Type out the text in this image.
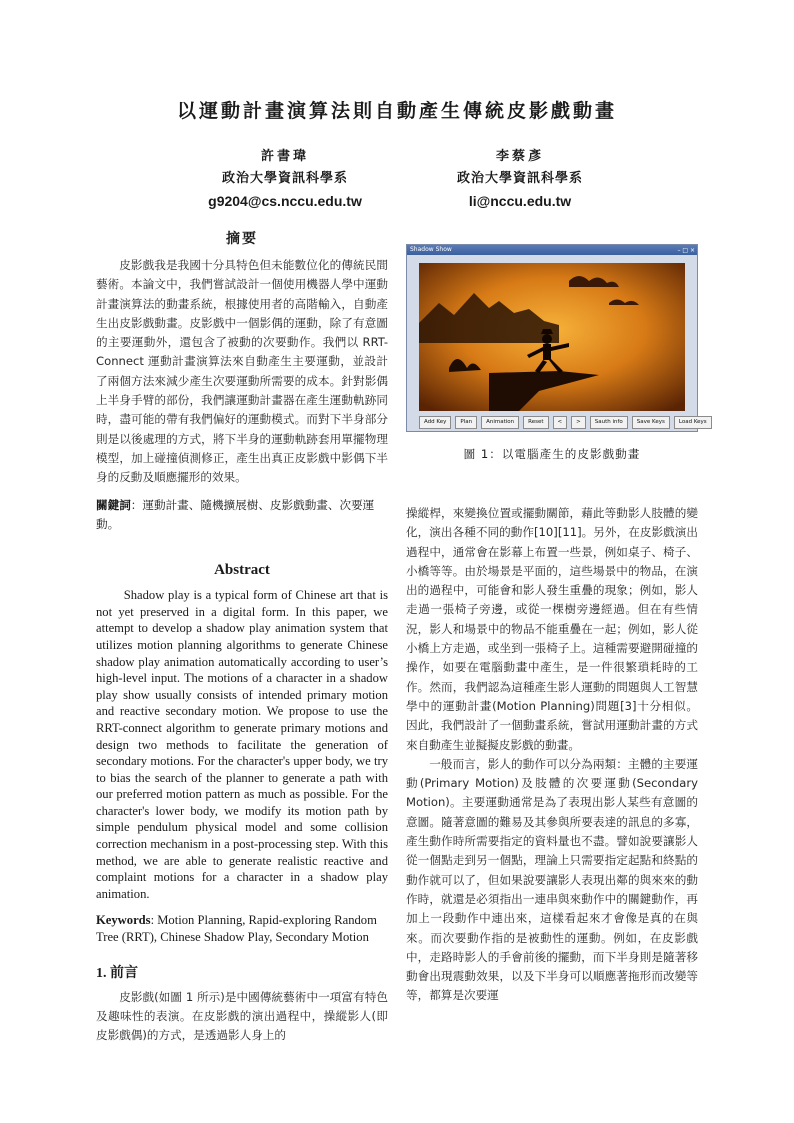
以運動計畫演算法則自動產生傳統皮影戲動畫
許書瑋
政治大學資訊科學系
g9204@cs.nccu.edu.tw
李蔡彥
政治大學資訊科學系
li@nccu.edu.tw
摘要

皮影戲我是我國十分具特色但未能數位化的傳統民間藝術。本論文中，我們嘗試設計一個使用機器人學中運動計畫演算法的動畫系統，根據使用者的高階輸入，自動產生出皮影戲動畫。皮影戲中一個影偶的運動，除了有意圖的主要運動外，還包含了被動的次要動作。我們以 RRT-Connect 運動計畫演算法來自動產生主要運動，並設計了兩個方法來減少產生次要運動所需要的成本。針對影偶上半身手臂的部份，我們讓運動計畫器在產生運動軌跡同時，盡可能的帶有我們偏好的運動模式。而對下半身部分則是以後處理的方式，將下半身的運動軌跡套用單擺物理模型，加上碰撞偵測修正，產生出真正皮影戲中影偶下半身的反動及順應擺形的效果。

關鍵詞：運動計畫、隨機擴展樹、皮影戲動畫、次要運動。

Abstract

Shadow play is a typical form of Chinese art that is not yet preserved in a digital form. In this paper, we attempt to develop a shadow play animation system that utilizes motion planning algorithms to generate Chinese shadow play animation automatically according to user’s high-level input. The motions of a character in a shadow play show usually consists of intended primary motion and reactive secondary motion. We propose to use the RRT-connect algorithm to generate primary motions and design two methods to facilitate the generation of secondary motions. For the character's upper body, we try to bias the search of the planner to generate a path with our preferred motion pattern as much as possible. For the character's lower body, we modify its motion path by simple pendulum physical model and some collision correction mechanism in a post-processing step. With this method, we are able to generate realistic reactive and complaint motions for a character in a shadow play animation.

Keywords: Motion Planning, Rapid-exploring Random Tree (RRT), Chinese Shadow Play, Secondary Motion

1. 前言

皮影戲(如圖 1 所示)是中國傳統藝術中一項富有特色及趣味性的表演。在皮影戲的演出過程中，操縱影人(即皮影戲偶)的方式，是透過影人身上的

Shadow Show	– □ ×
Add Key	Plan	Animation	Reset	<	>	Sauth info	Save Keys	Load Keys
圖 1：以電腦產生的皮影戲動畫

操縱桿，來變換位置或擺動關節，藉此等動影人肢體的變化，演出各種不同的動作[10][11]。另外，在皮影戲演出過程中，通常會在影幕上布置一些景，例如桌子、椅子、小橋等等。由於場景是平面的，這些場景中的物品，在演出的過程中，可能會和影人發生重疊的現象；例如，影人走過一張椅子旁邊，或從一棵樹旁邊經過。但在有些情況，影人和場景中的物品不能重疊在一起；例如，影人從小橋上方走過，或坐到一張椅子上。這種需要避開碰撞的操作，如要在電腦動畫中產生，是一件很繁瑣耗時的工作。然而，我們認為這種產生影人運動的問題與人工智慧學中的運動計畫(Motion Planning)問題[3]十分相似。因此，我們設計了一個動畫系統，嘗試用運動計畫的方式來自動產生並擬擬皮影戲的動畫。

一般而言，影人的動作可以分為兩類：主體的主要運動(Primary Motion)及肢體的次要運動(Secondary Motion)。主要運動通常是為了表現出影人某些有意圖的意圖。隨著意圖的難易及其參與所要表達的訊息的多寡，產生動作時所需要指定的資料量也不盡。譬如說要讓影人從一個點走到另一個點，理論上只需要指定起點和終點的動作就可以了，但如果說要讓影人表現出鄰的與來來的動作時，就還是必須指出一連串與來動作中的關鍵動作，再加上一段動作中連出來，這樣看起來才會像是真的在與來。而次要動作指的是被動性的運動。例如，在皮影戲中，走路時影人的手會前後的擺動，而下半身則是隨著移動會出現震動效果，以及下半身可以順應著拖形而改變等等，都算是次要運
